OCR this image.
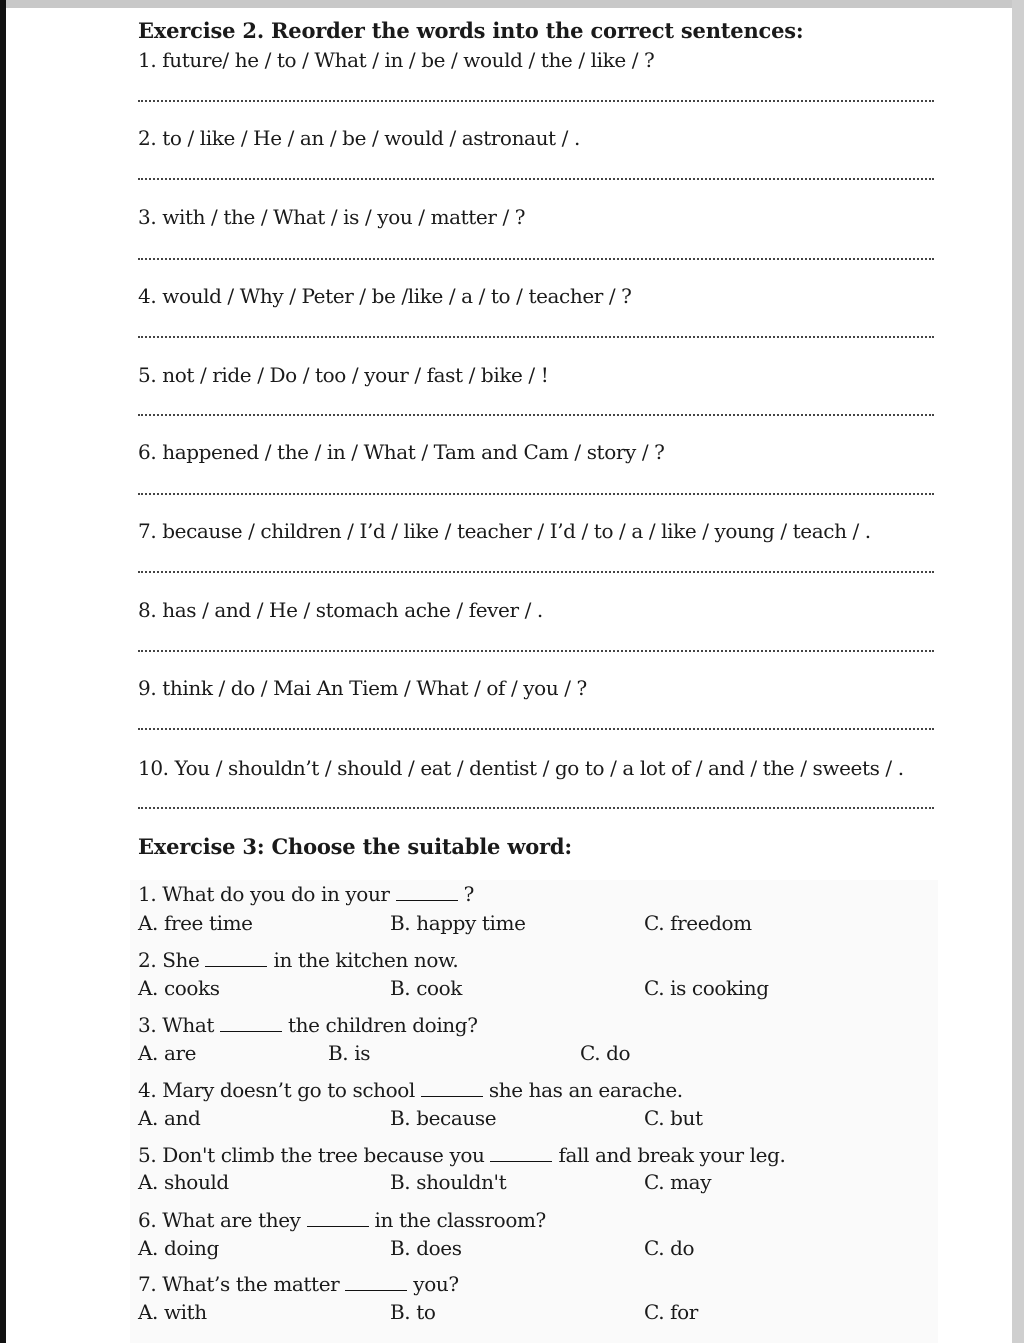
Exercise 2. Reorder the words into the correct sentences:
1. future/ he / to / What / in / be / would / the / like / ?
2. to / like / He / an / be / would / astronaut / .
3. with / the / What / is / you / matter / ?
4. would / Why / Peter / be /like / a / to / teacher / ?
5. not / ride / Do / too / your / fast / bike / !
6. happened / the / in / What / Tam and Cam / story / ?
7. because / children / I’d / like / teacher / I’d / to / a / like / young / teach / .
8. has / and / He / stomach ache / fever / .
9. think / do / Mai An Tiem / What / of / you / ?
10. You / shouldn’t / should / eat / dentist / go to / a lot of / and / the / sweets / .
Exercise 3: Choose the suitable word:
1. What do you do in your	?
A. free time	B. happy time	C. freedom
2. She	in the kitchen now.
A. cooks	B. cook	C. is cooking
3. What	the children doing?
A. are	B. is	C. do
4. Mary doesn’t go to school	she has an earache.
A. and	B. because	C. but
5. Don't climb the tree because you	fall and break your leg.
A. should	B. shouldn't	C. may
6. What are they	in the classroom?
A. doing	B. does	C. do
7. What’s the matter	you?
A. with	B. to	C. for
